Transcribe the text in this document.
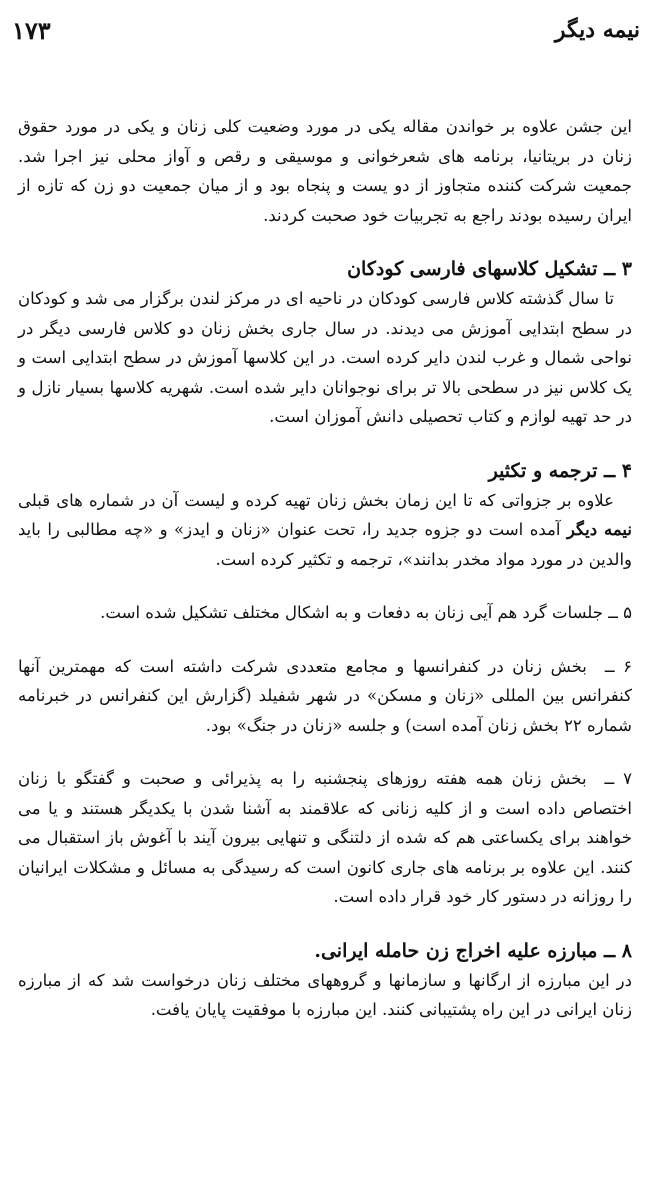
نیمه دیگر
۱۷۳

این جشن علاوه بر خواندن مقاله یکی در مورد وضعیت کلی زنان و یکی در مورد حقوق زنان در بریتانیا، برنامه های شعرخوانی و موسیقی و رقص و آواز محلی نیز اجرا شد. جمعیت شرکت کننده متجاوز از دو یست و پنجاه بود و از میان جمعیت دو زن که تازه از ایران رسیده بودند راجع به تجربیات خود صحبت کردند.

۳ ــ تشکیل کلاسهای فارسی کودکان

تا سال گذشته کلاس فارسی کودکان در ناحیه ای در مرکز لندن برگزار می شد و کودکان در سطح ابتدایی آموزش می دیدند. در سال جاری بخش زنان دو کلاس فارسی دیگر در نواحی شمال و غرب لندن دایر کرده است. در این کلاسها آموزش در سطح ابتدایی است و یک کلاس نیز در سطحی بالا تر برای نوجوانان دایر شده است. شهریه کلاسها بسیار نازل و در حد تهیه لوازم و کتاب تحصیلی دانش آموزان است.

۴ ــ ترجمه و تکثیر

علاوه بر جزواتی که تا این زمان بخش زنان تهیه کرده و لیست آن در شماره های قبلی نیمه دیگر آمده است دو جزوه جدید را، تحت عنوان «زنان و ایدز» و «چه مطالبی را باید والدین در مورد مواد مخدر بدانند»، ترجمه و تکثیر کرده است.

۵ ــ جلسات گرد هم آیی زنان به دفعات و به اشکال مختلف تشکیل شده است.

۶ ــبخش زنان در کنفرانسها و مجامع متعددی شرکت داشته است که مهمترین آنها کنفرانس بین المللی «زنان و مسکن» در شهر شفیلد (گزارش این کنفرانس در خبرنامه شماره ۲۲ بخش زنان آمده است) و جلسه «زنان در جنگ» بود.

۷ ــبخش زنان همه هفته روزهای پنجشنبه را به پذیرائی و صحبت و گفتگو با زنان اختصاص داده است و از کلیه زنانی که علاقمند به آشنا شدن با یکدیگر هستند و یا می خواهند برای یکساعتی هم که شده از دلتنگی و تنهایی بیرون آیند با آغوش باز استقبال می کنند. این علاوه بر برنامه های جاری کانون است که رسیدگی به مسائل و مشکلات ایرانیان را روزانه در دستور کار خود قرار داده است.

۸ ــ مبارزه علیه اخراج زن حامله ایرانی.

در این مبارزه از ارگانها و سازمانها و گروههای مختلف زنان درخواست شد که از مبارزه زنان ایرانی در این راه پشتیبانی کنند. این مبارزه با موفقیت پایان یافت.
